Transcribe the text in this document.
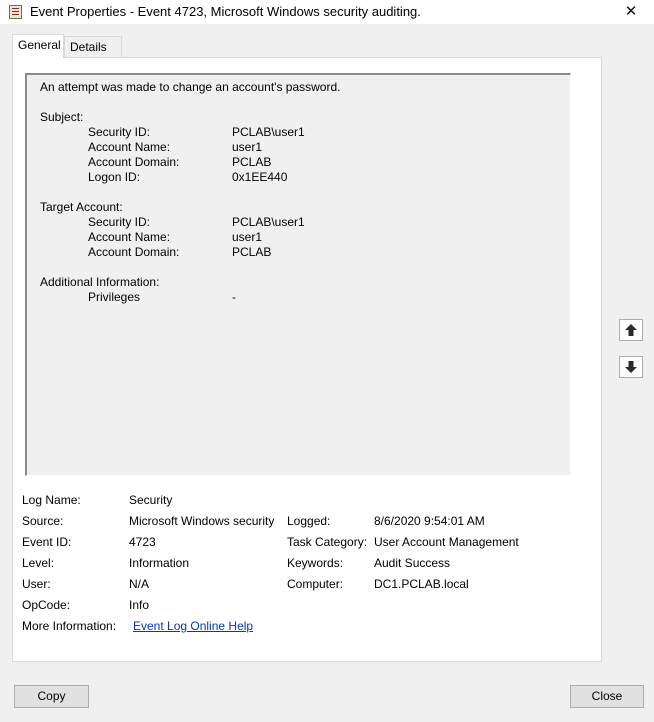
Event Properties - Event 4723, Microsoft Windows security auditing.	✕
General Details
An attempt was made to change an account's password.
Subject:
Security ID:	PCLAB\user1
Account Name:	user1
Account Domain:	PCLAB
Logon ID:	0x1EE440
Target Account:
Security ID:	PCLAB\user1
Account Name:	user1
Account Domain:	PCLAB
Additional Information:
Privileges	-
Log Name:	Security
Source:	Microsoft Windows security Logged:	8/6/2020 9:54:01 AM
Event ID:	4723	Task Category: User Account Management
Level:	Information	Keywords:	Audit Success
User:	N/A	Computer:	DC1.PCLAB.local
OpCode:	Info
More Information: Event Log Online Help
Copy	Close
